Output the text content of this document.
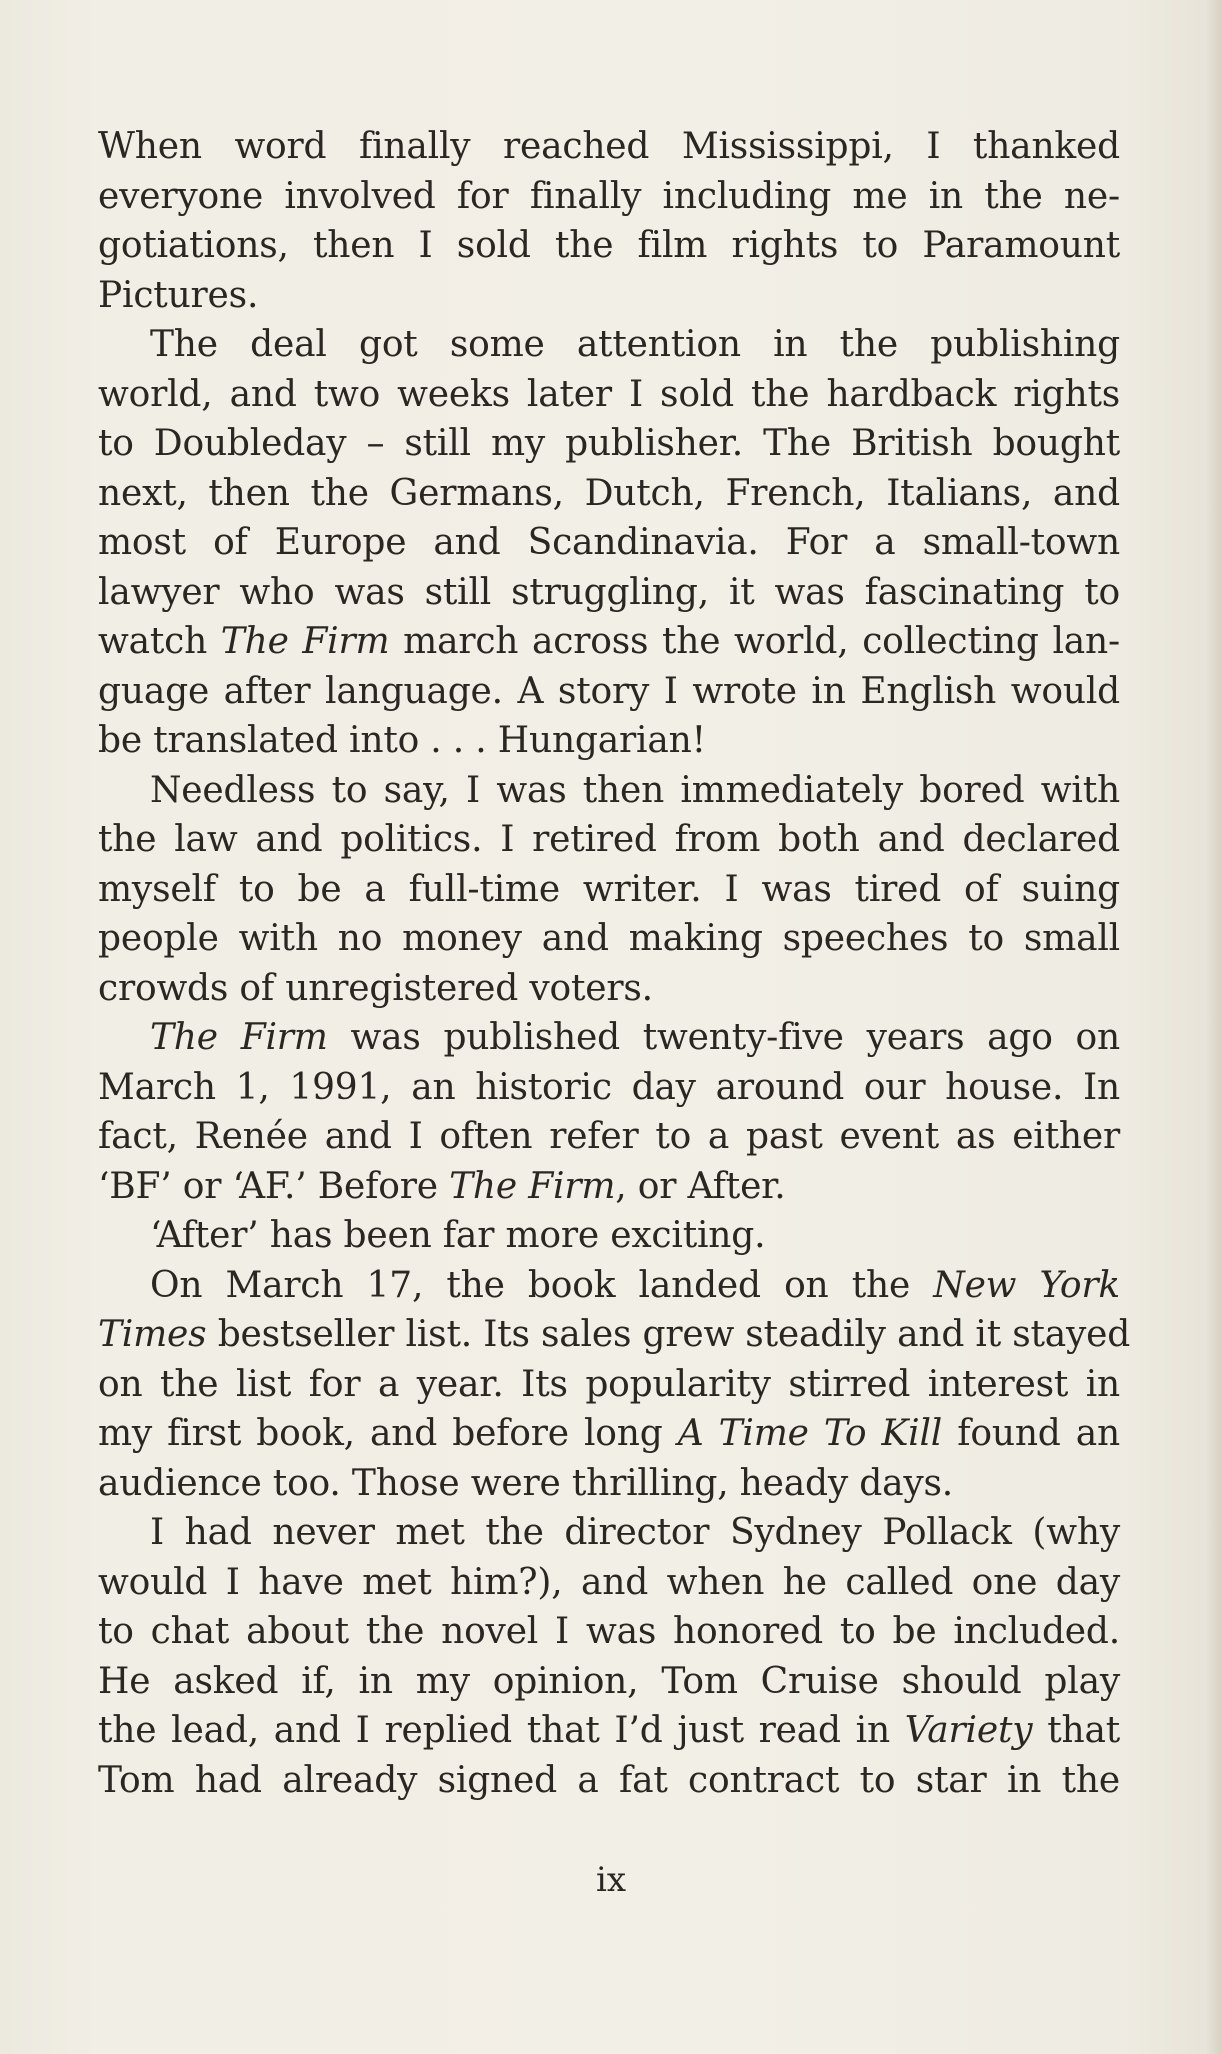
When word finally reached Mississippi, I thanked
everyone involved for finally including me in the ne-
gotiations, then I sold the film rights to Paramount
Pictures.
The deal got some attention in the publishing
world, and two weeks later I sold the hardback rights
to Doubleday – still my publisher. The British bought
next, then the Germans, Dutch, French, Italians, and
most of Europe and Scandinavia. For a small-town
lawyer who was still struggling, it was fascinating to
watch The Firm march across the world, collecting lan-
guage after language. A story I wrote in English would
be translated into . . . Hungarian!
Needless to say, I was then immediately bored with
the law and politics. I retired from both and declared
myself to be a full-time writer. I was tired of suing
people with no money and making speeches to small
crowds of unregistered voters.
The Firm was published twenty-five years ago on
March 1, 1991, an historic day around our house. In
fact, Renée and I often refer to a past event as either
‘BF’ or ‘AF.’ Before The Firm, or After.
‘After’ has been far more exciting.
On March 17, the book landed on the New York
Times bestseller list. Its sales grew steadily and it stayed
on the list for a year. Its popularity stirred interest in
my first book, and before long A Time To Kill found an
audience too. Those were thrilling, heady days.
I had never met the director Sydney Pollack (why
would I have met him?), and when he called one day
to chat about the novel I was honored to be included.
He asked if, in my opinion, Tom Cruise should play
the lead, and I replied that I’d just read in Variety that
Tom had already signed a fat contract to star in the
ix
